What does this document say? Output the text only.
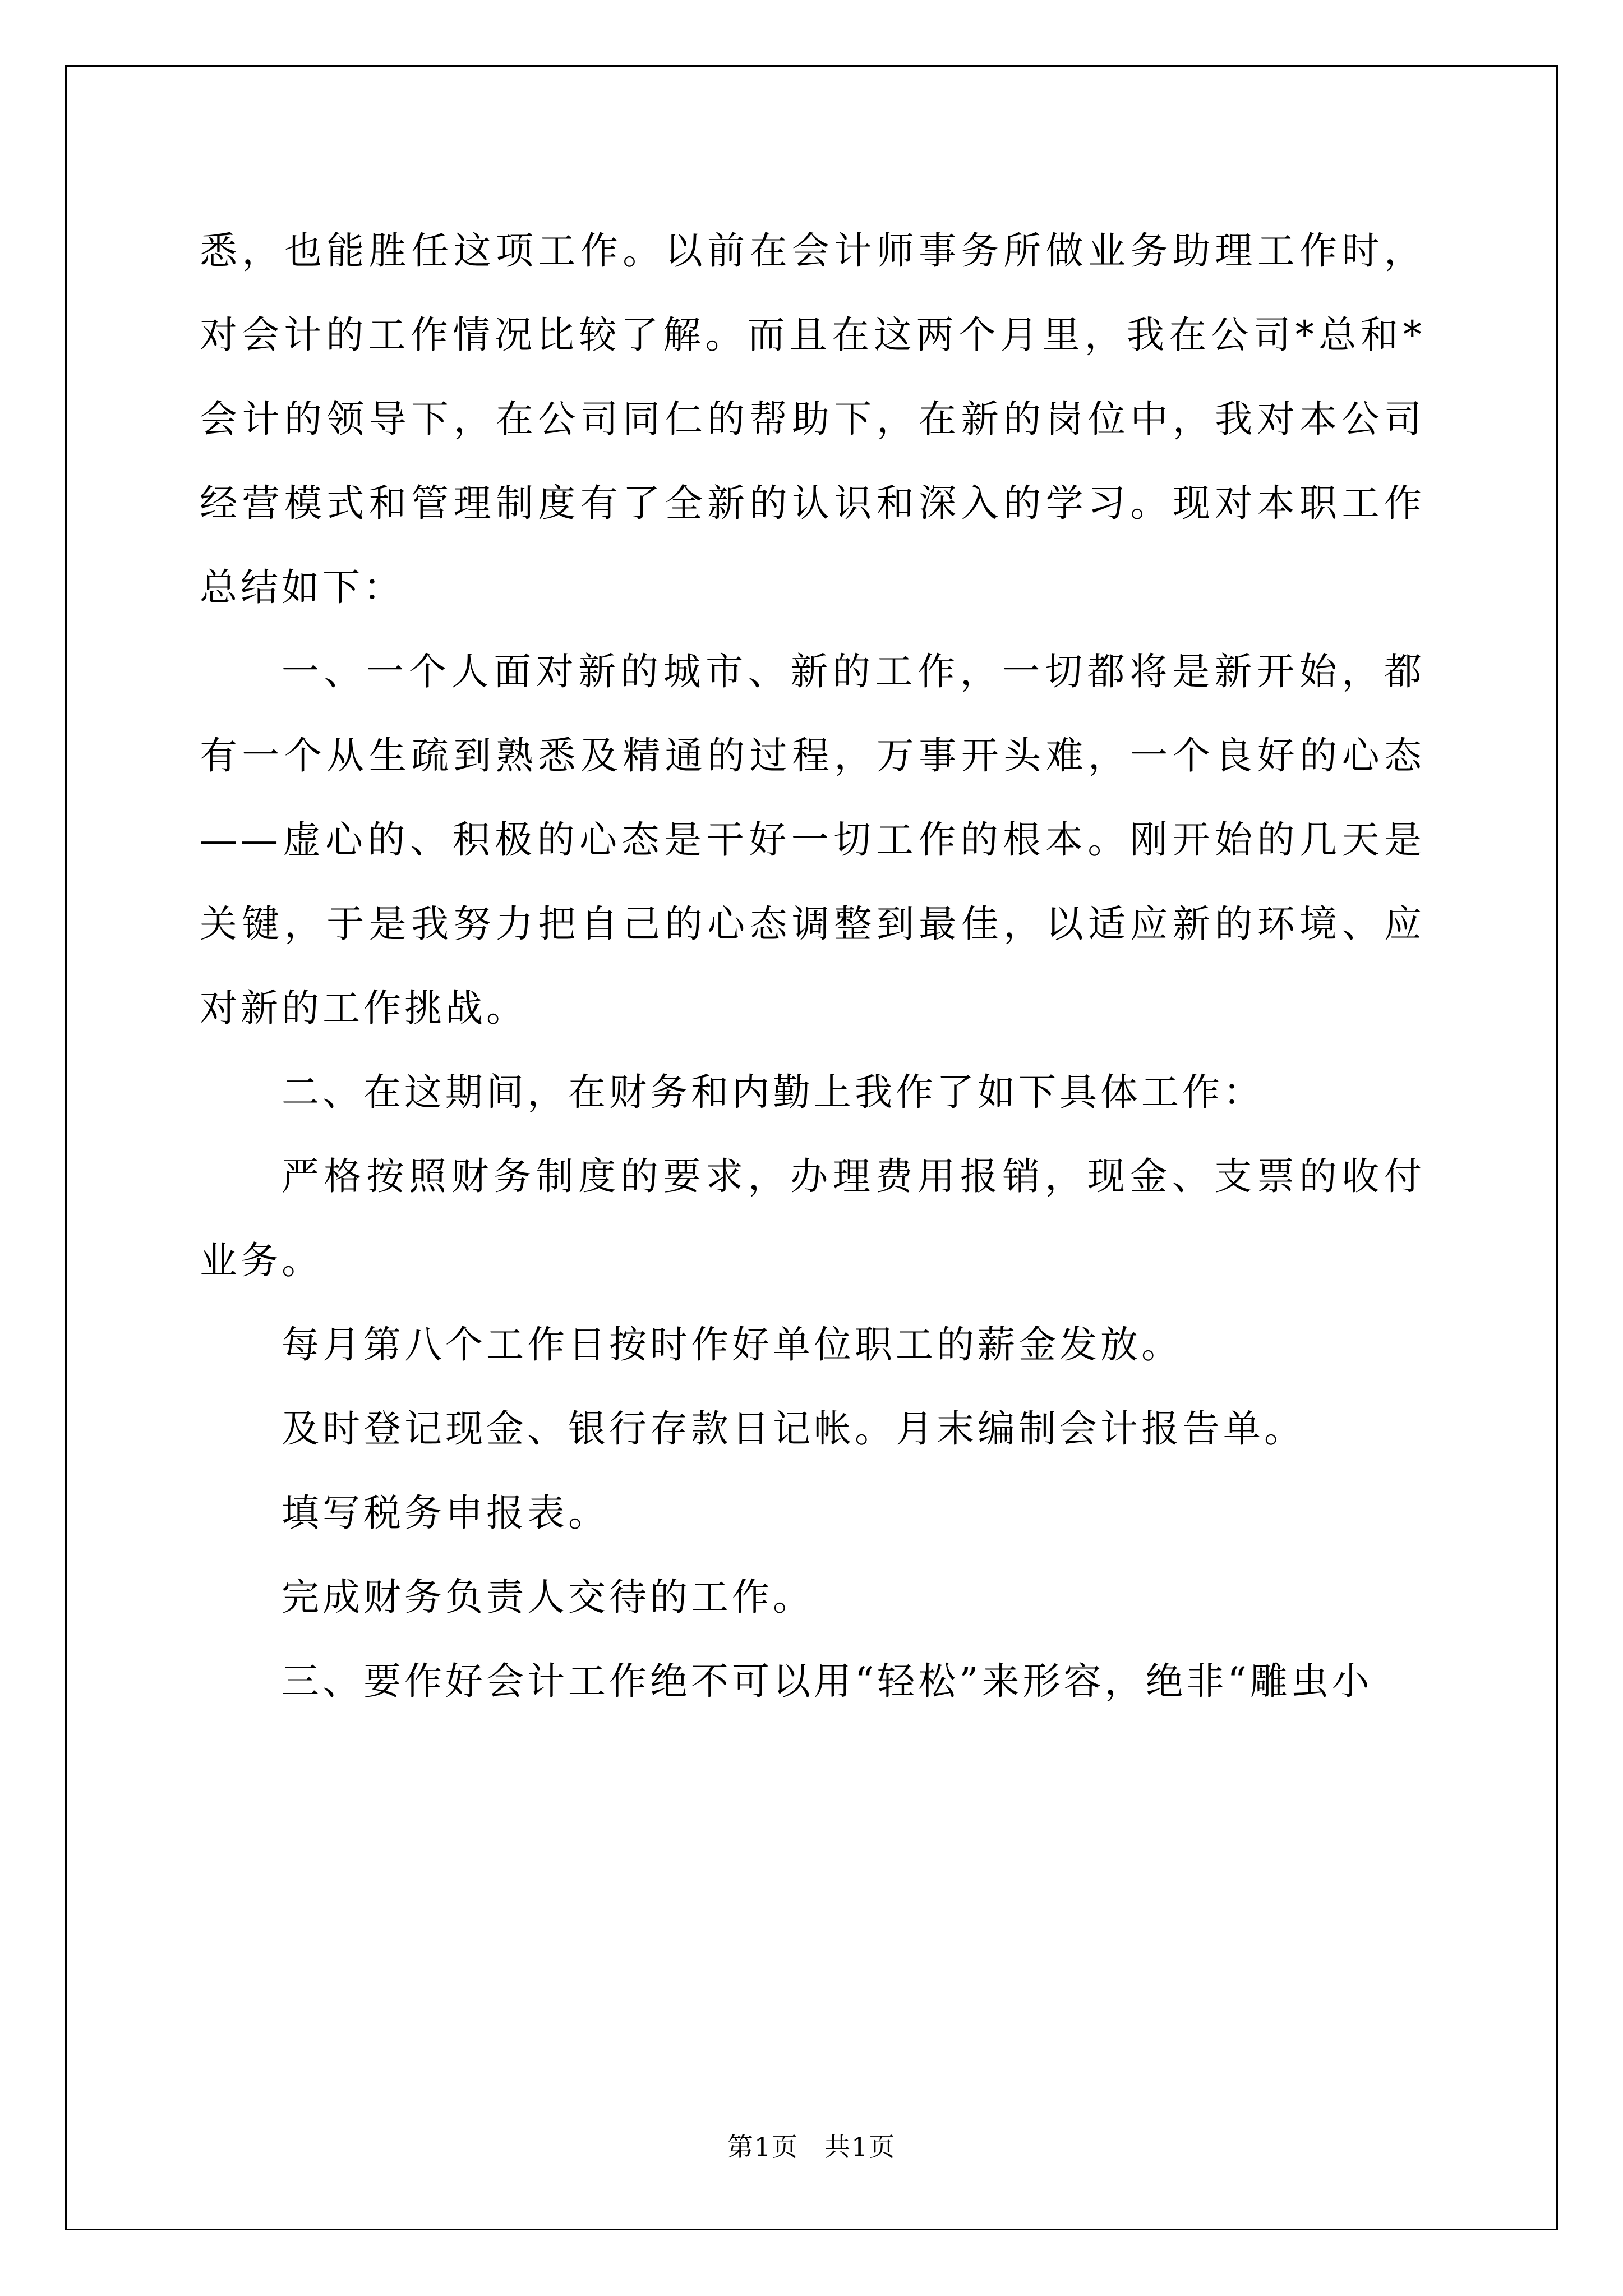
悉，也能胜任这项工作。以前在会计师事务所做业务助理工作时，对会计的工作情况比较了解。而且在这两个月里，我在公司*总和*会计的领导下，在公司同仁的帮助下，在新的岗位中，我对本公司经营模式和管理制度有了全新的认识和深入的学习。现对本职工作总结如下：

一、一个人面对新的城市、新的工作，一切都将是新开始，都有一个从生疏到熟悉及精通的过程，万事开头难，一个良好的心态——虚心的、积极的心态是干好一切工作的根本。刚开始的几天是关键，于是我努力把自己的心态调整到最佳，以适应新的环境、应对新的工作挑战。

二、在这期间，在财务和内勤上我作了如下具体工作：

严格按照财务制度的要求，办理费用报销，现金、支票的收付业务。

每月第八个工作日按时作好单位职工的薪金发放。

及时登记现金、银行存款日记帐。月末编制会计报告单。

填写税务申报表。

完成财务负责人交待的工作。

三、要作好会计工作绝不可以用“轻松”来形容，绝非“雕虫小

第1页 共1页
